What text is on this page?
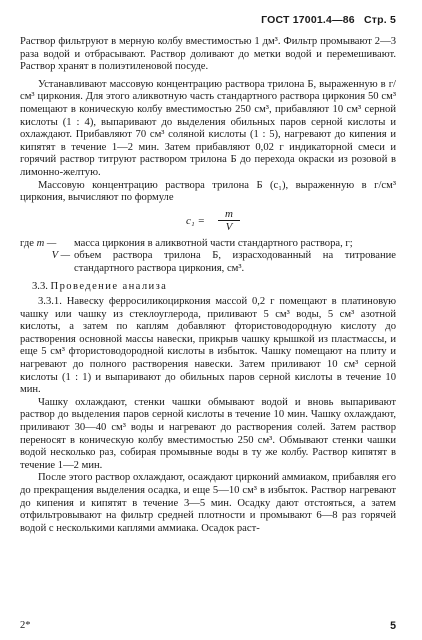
ГОСТ 17001.4—86 Стр. 5

Раствор фильтруют в мерную колбу вместимостью 1 дм³. Фильтр промывают 2—3 раза водой и отбрасывают. Раствор доливают до метки водой и перемешивают. Раствор хранят в полиэтиленовой посуде.

Устанавливают массовую концентрацию раствора трилона Б, выраженную в г/см³ циркония. Для этого аликвотную часть стандартного раствора циркония 50 см³ помещают в коническую колбу вместимостью 250 см³, прибавляют 10 см³ серной кислоты (1 : 4), выпаривают до выделения обильных паров серной кислоты и охлаждают. Прибавляют 70 см³ соляной кислоты (1 : 5), нагревают до кипения и кипятят в течение 1—2 мин. Затем прибавляют 0,02 г индикаторной смеси и горячий раствор титруют раствором трилона Б до перехода окраски из розовой в лимонно-желтую.

Массовую концентрацию раствора трилона Б (c₁), выраженную в г/см³ циркония, вычисляют по формуле

$c_1 = \frac{m}{V}$
где m —	масса циркония в аликвотной части стандартного раствора, г;
V — объем раствора трилона Б, израсходованный на титрование стандартного раствора циркония, см³.
3.3. Проведение анализа

3.3.1. Навеску ферросиликоциркония массой 0,2 г помещают в платиновую чашку или чашку из стеклоуглерода, приливают 5 см³ воды, 5 см³ азотной кислоты, а затем по каплям добавляют фтористоводородную кислоту до растворения основной массы навески, прикрыв чашку крышкой из пластмассы, и еще 5 см³ фтористоводородной кислоты в избыток. Чашку помещают на плиту и нагревают до полного растворения навески. Затем приливают 10 см³ серной кислоты (1 : 1) и выпаривают до обильных паров серной кислоты в течение 10 мин.

Чашку охлаждают, стенки чашки обмывают водой и вновь выпаривают раствор до выделения паров серной кислоты в течение 10 мин. Чашку охлаждают, приливают 30—40 см³ воды и нагревают до растворения солей. Затем раствор переносят в коническую колбу вместимостью 250 см³. Обмывают стенки чашки водой несколько раз, собирая промывные воды в ту же колбу. Раствор кипятят в течение 1—2 мин.

После этого раствор охлаждают, осаждают цирконий аммиаком, прибавляя его до прекращения выделения осадка, и еще 5—10 см³ в избыток. Раствор нагревают до кипения и кипятят в течение 3—5 мин. Осадку дают отстояться, а затем отфильтровывают на фильтр средней плотности и промывают 6—8 раз горячей водой с несколькими каплями аммиака. Осадок раст-

2*	5
